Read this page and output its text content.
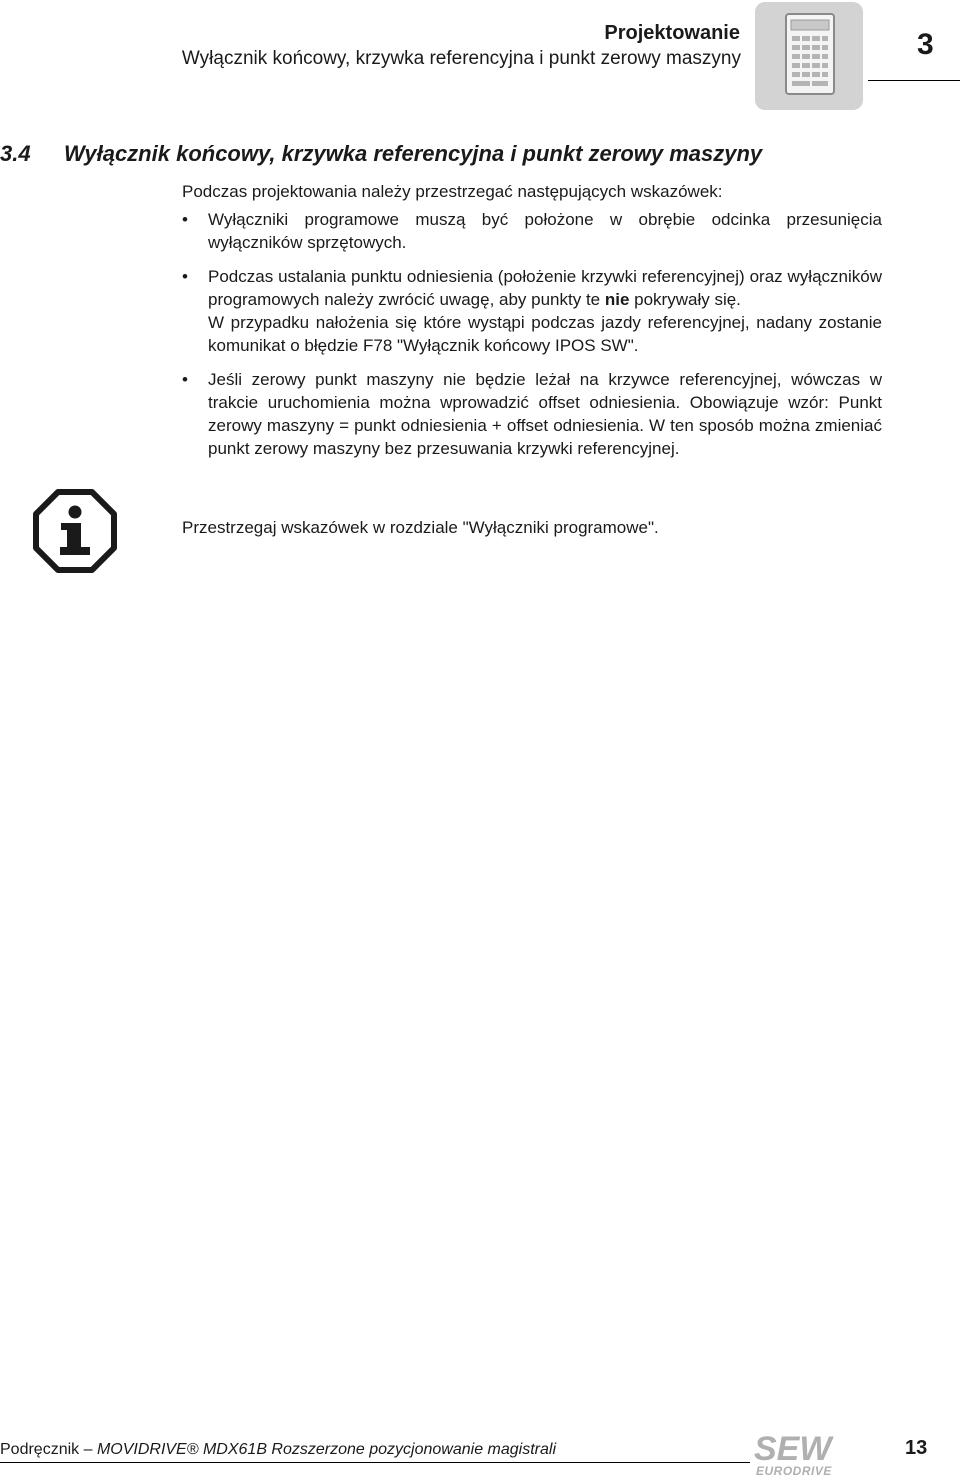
Projektowanie
Wyłącznik końcowy, krzywka referencyjna i punkt zerowy maszyny	3
3.4 Wyłącznik końcowy, krzywka referencyjna i punkt zerowy maszyny

Podczas projektowania należy przestrzegać następujących wskazówek:

• Wyłączniki programowe muszą być położone w obrębie odcinka przesunięcia wyłączników sprzętowych.

• Podczas ustalania punktu odniesienia (położenie krzywki referencyjnej) oraz wyłączników programowych należy zwrócić uwagę, aby punkty te nie pokrywały się.

W przypadku nałożenia się które wystąpi podczas jazdy referencyjnej, nadany zostanie komunikat o błędzie F78 "Wyłącznik końcowy IPOS SW".

• Jeśli zerowy punkt maszyny nie będzie leżał na krzywce referencyjnej, wówczas w trakcie uruchomienia można wprowadzić offset odniesienia. Obowiązuje wzór: Punkt zerowy maszyny = punkt odniesienia + offset odniesienia. W ten sposób można zmieniać punkt zerowy maszyny bez przesuwania krzywki referencyjnej.

Przestrzegaj wskazówek w rozdziale "Wyłączniki programowe".
Podręcznik – MOVIDRIVE® MDX61B Rozszerzone pozycjonowanie magistrali	SEW
EURODRIVE
13
